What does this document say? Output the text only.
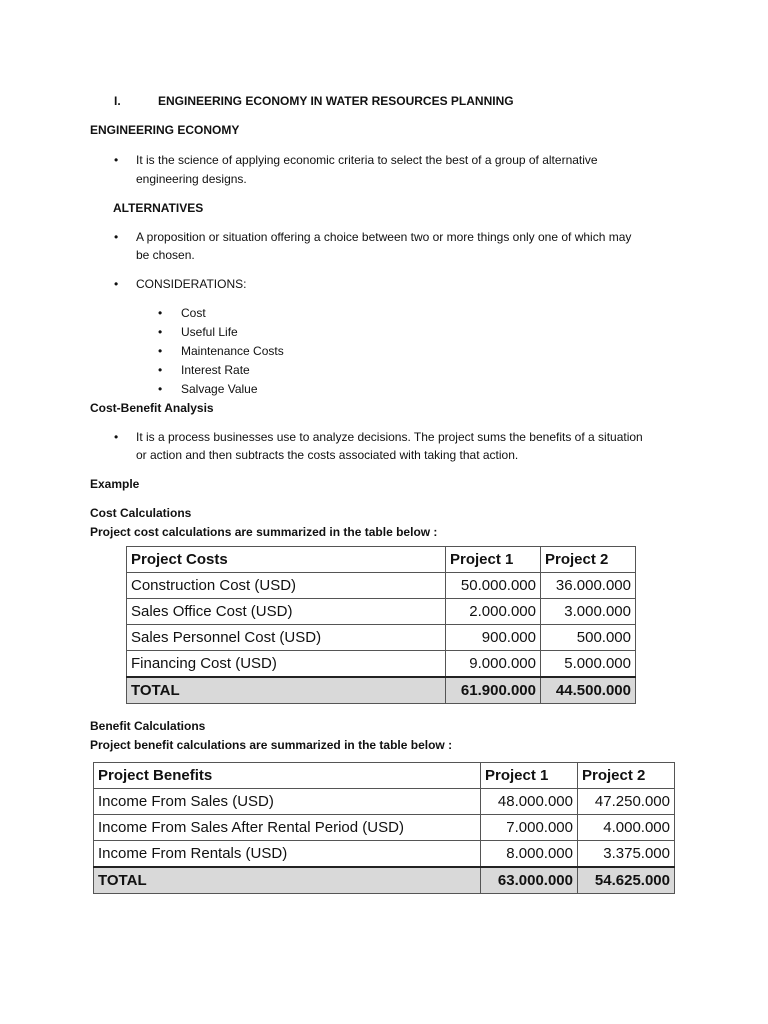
I.	ENGINEERING ECONOMY IN WATER RESOURCES PLANNING
ENGINEERING ECONOMY
• It is the science of applying economic criteria to select the best of a group of alternative
engineering designs.
ALTERNATIVES
• A proposition or situation offering a choice between two or more things only one of which may
be chosen.
• CONSIDERATIONS:
• Cost
• Useful Life
• Maintenance Costs
• Interest Rate
• Salvage Value
Cost-Benefit Analysis
• It is a process businesses use to analyze decisions. The project sums the benefits of a situation
or action and then subtracts the costs associated with taking that action.
Example
Cost Calculations
Project cost calculations are summarized in the table below :
Project Costs	Project 1	Project 2
Construction Cost (USD)	50.000.000	36.000.000
Sales Office Cost (USD)	2.000.000	3.000.000
Sales Personnel Cost (USD)	900.000	500.000
Financing Cost (USD)	9.000.000	5.000.000
TOTAL	61.900.000	44.500.000
Benefit Calculations
Project benefit calculations are summarized in the table below :
Project Benefits	Project 1	Project 2
Income From Sales (USD)	48.000.000	47.250.000
Income From Sales After Rental Period (USD)	7.000.000	4.000.000
Income From Rentals (USD)	8.000.000	3.375.000
TOTAL	63.000.000	54.625.000
